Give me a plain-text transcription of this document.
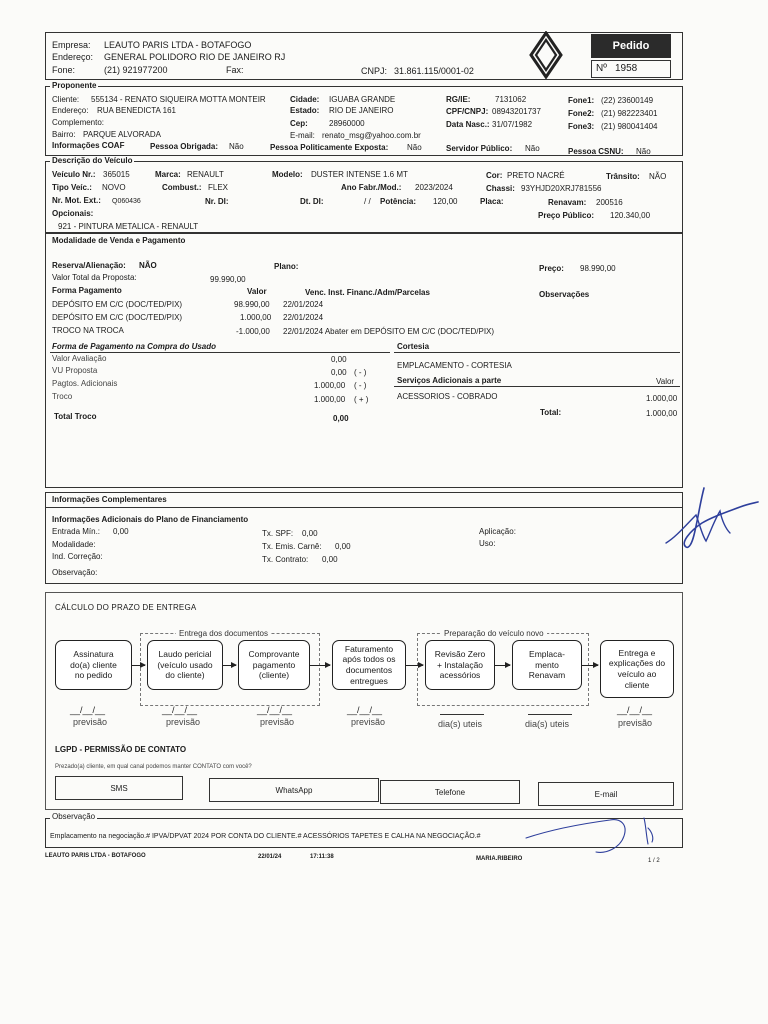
Empresa: LEAUTO PARIS LTDA - BOTAFOGO
Endereço: GENERAL POLIDORO RIO DE JANEIRO RJ
Fone:	(21) 921977200	Fax:	CNPJ: 31.861.115/0001-02
Pedido
Nº 1958
Proponente
Cliente: 555134 - RENATO SIQUEIRA MOTTA MONTEIR
Endereço: RUA BENEDICTA 161
Complemento:
Bairro: PARQUE ALVORADA
Informações COAF	Pessoa Obrigada: Não
Cidade: IGUABA GRANDE
Estado: RIO DE JANEIRO
Cep:	28960000
E-mail: renato_msg@yahoo.com.br
Pessoa Politicamente Exposta: Não
RG/IE:	7131062
CPF/CNPJ: 08943201737
Data Nasc.: 31/07/1982
Servidor Público: Não
Fone1: (22) 23600149
Fone2: (21) 982223401
Fone3: (21) 980041404
Pessoa CSNU: Não
Descrição do Veículo
Veículo Nr.: 365015
Tipo Veíc.: NOVO
Nr. Mot. Ext.: Q060436
Opcionais:
921 - PINTURA METALICA - RENAULT
Marca: RENAULT
Combust.: FLEX
Nr. DI:
Modelo: DUSTER INTENSE 1.6 MT
Ano Fabr./Mod.: 2023/2024
Dt. DI:	/ / Potência: 120,00
Cor: PRETO NACRÉ
Chassi: 93YHJD20XRJ781556
Placa:
Trânsito: NÃO
Renavam: 200516
Preço Público: 120.340,00
Modalidade de Venda e Pagamento
Reserva/Alienação: NÃO
Valor Total da Proposta:	99.990,00
Plano:	Preço: 98.990,00
Forma Pagamento	Valor	Venc. Inst. Financ./Adm/Parcelas	Observações
DEPÓSITO EM C/C (DOC/TED/PIX)	98.990,00 22/01/2024
DEPÓSITO EM C/C (DOC/TED/PIX)	1.000,00 22/01/2024
TROCO NA TROCA	-1.000,00 22/01/2024 Abater em DEPÓSITO EM C/C (DOC/TED/PIX)
Forma de Pagamento na Compra do Usado
Valor Avaliação	0,00
VU Proposta	0,00 ( - )
Pagtos. Adicionais	1.000,00 ( - )
Troco	1.000,00 ( + )
Total Troco	0,00
Cortesia
EMPLACAMENTO - CORTESIA
Serviços Adicionais a parte	Valor
ACESSORIOS - COBRADO	1.000,00
Total:	1.000,00
Informações Complementares
Informações Adicionais do Plano de Financiamento
Entrada Mín.: 0,00
Modalidade:
Ind. Correção:
Observação:
Tx. SPF: 0,00
Tx. Emis. Carnê: 0,00
Tx. Contrato: 0,00
Aplicação:
Uso:
CÁLCULO DO PRAZO DE ENTREGA
Entrega dos documentos	Preparação do veículo novo
Assinatura
do(a) cliente
no pedido
Laudo pericial
(veículo usado
do cliente)
Comprovante
pagamento
(cliente)
Faturamento
após todos os
documentos
entregues
Revisão Zero
+ Instalação
acessórios
Emplaca-
mento
Renavam
Entrega e
explicações do
veículo ao
cliente
__/__/__
previsão
__/__/__
previsão
__/__/__
previsão
__/__/__
previsão	dia(s) uteis	dia(s) uteis
__/__/__
previsão
LGPD - PERMISSÃO DE CONTATO
Prezado(a) cliente, em qual canal podemos manter CONTATO com você?
SMS	WhatsApp	Telefone	E-mail
Observação
Emplacamento na negociação.# IPVA/DPVAT 2024 POR CONTA DO CLIENTE.# ACESSÓRIOS TAPETES E CALHA NA NEGOCIAÇÃO.#
LEAUTO PARIS LTDA - BOTAFOGO	22/01/24	17:11:38	MARIA.RIBEIRO	1 / 2
